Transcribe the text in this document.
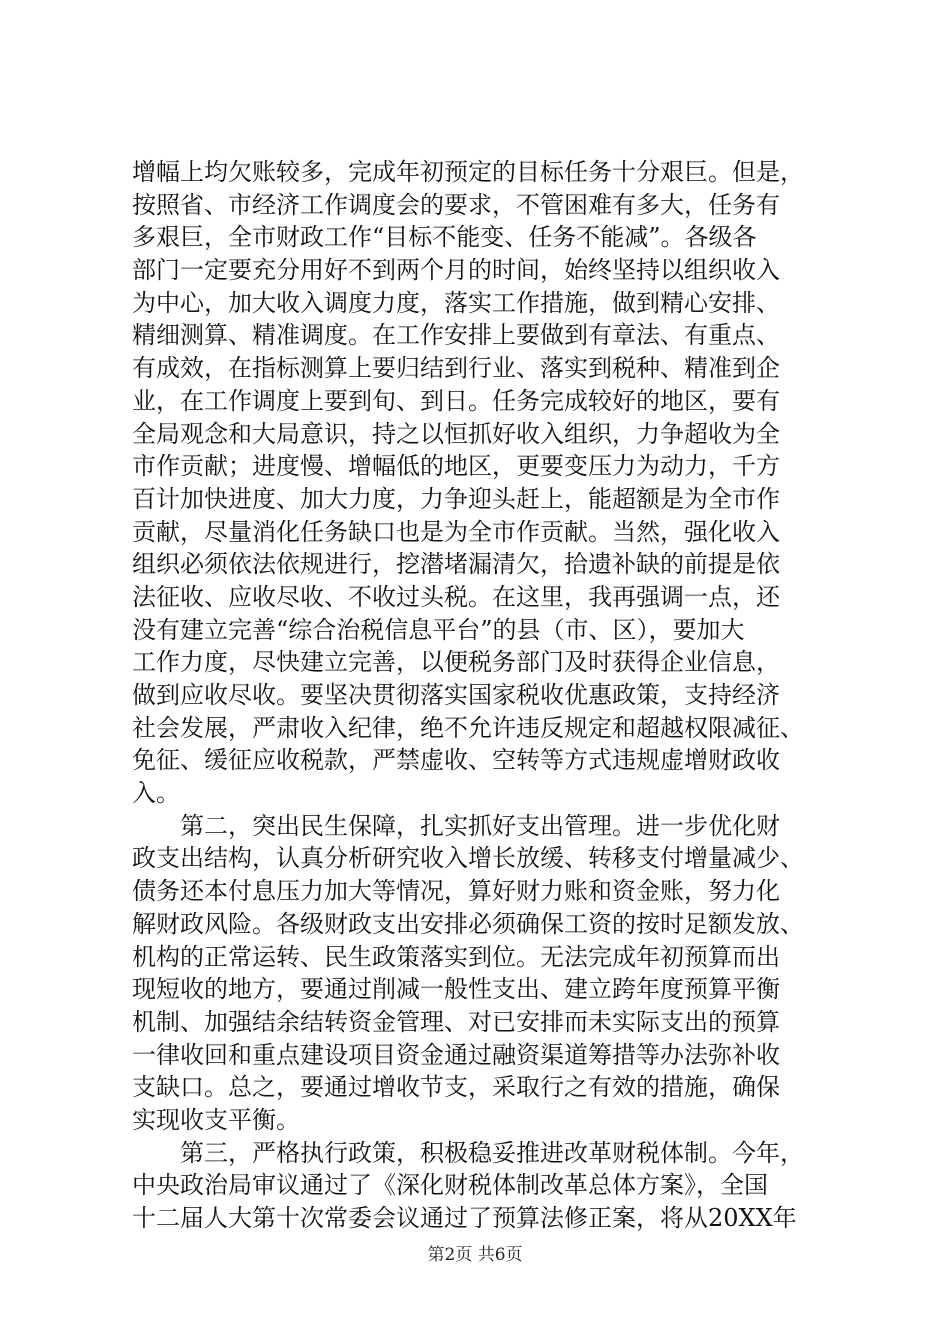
增幅上均欠账较多，完成年初预定的目标任务十分艰巨。但是，
按照省、市经济工作调度会的要求，不管困难有多大，任务有
多艰巨，全市财政工作“目标不能变、任务不能减”。各级各
部门一定要充分用好不到两个月的时间，始终坚持以组织收入
为中心，加大收入调度力度，落实工作措施，做到精心安排、
精细测算、精准调度。在工作安排上要做到有章法、有重点、
有成效，在指标测算上要归结到行业、落实到税种、精准到企
业，在工作调度上要到旬、到日。任务完成较好的地区，要有
全局观念和大局意识，持之以恒抓好收入组织，力争超收为全
市作贡献；进度慢、增幅低的地区，更要变压力为动力，千方
百计加快进度、加大力度，力争迎头赶上，能超额是为全市作
贡献，尽量消化任务缺口也是为全市作贡献。当然，强化收入
组织必须依法依规进行，挖潜堵漏清欠，拾遗补缺的前提是依
法征收、应收尽收、不收过头税。在这里，我再强调一点，还
没有建立完善“综合治税信息平台”的县（市、区），要加大
工作力度，尽快建立完善，以便税务部门及时获得企业信息，
做到应收尽收。要坚决贯彻落实国家税收优惠政策，支持经济
社会发展，严肃收入纪律，绝不允许违反规定和超越权限减征、
免征、缓征应收税款，严禁虚收、空转等方式违规虚增财政收
入。
　　第二，突出民生保障，扎实抓好支出管理。进一步优化财
政支出结构，认真分析研究收入增长放缓、转移支付增量减少、
债务还本付息压力加大等情况，算好财力账和资金账，努力化
解财政风险。各级财政支出安排必须确保工资的按时足额发放、
机构的正常运转、民生政策落实到位。无法完成年初预算而出
现短收的地方，要通过削减一般性支出、建立跨年度预算平衡
机制、加强结余结转资金管理、对已安排而未实际支出的预算
一律收回和重点建设项目资金通过融资渠道筹措等办法弥补收
支缺口。总之，要通过增收节支，采取行之有效的措施，确保
实现收支平衡。
　　第三，严格执行政策，积极稳妥推进改革财税体制。今年，
中央政治局审议通过了《深化财税体制改革总体方案》，全国
十二届人大第十次常委会议通过了预算法修正案，将从20XX年
第2页 共6页
